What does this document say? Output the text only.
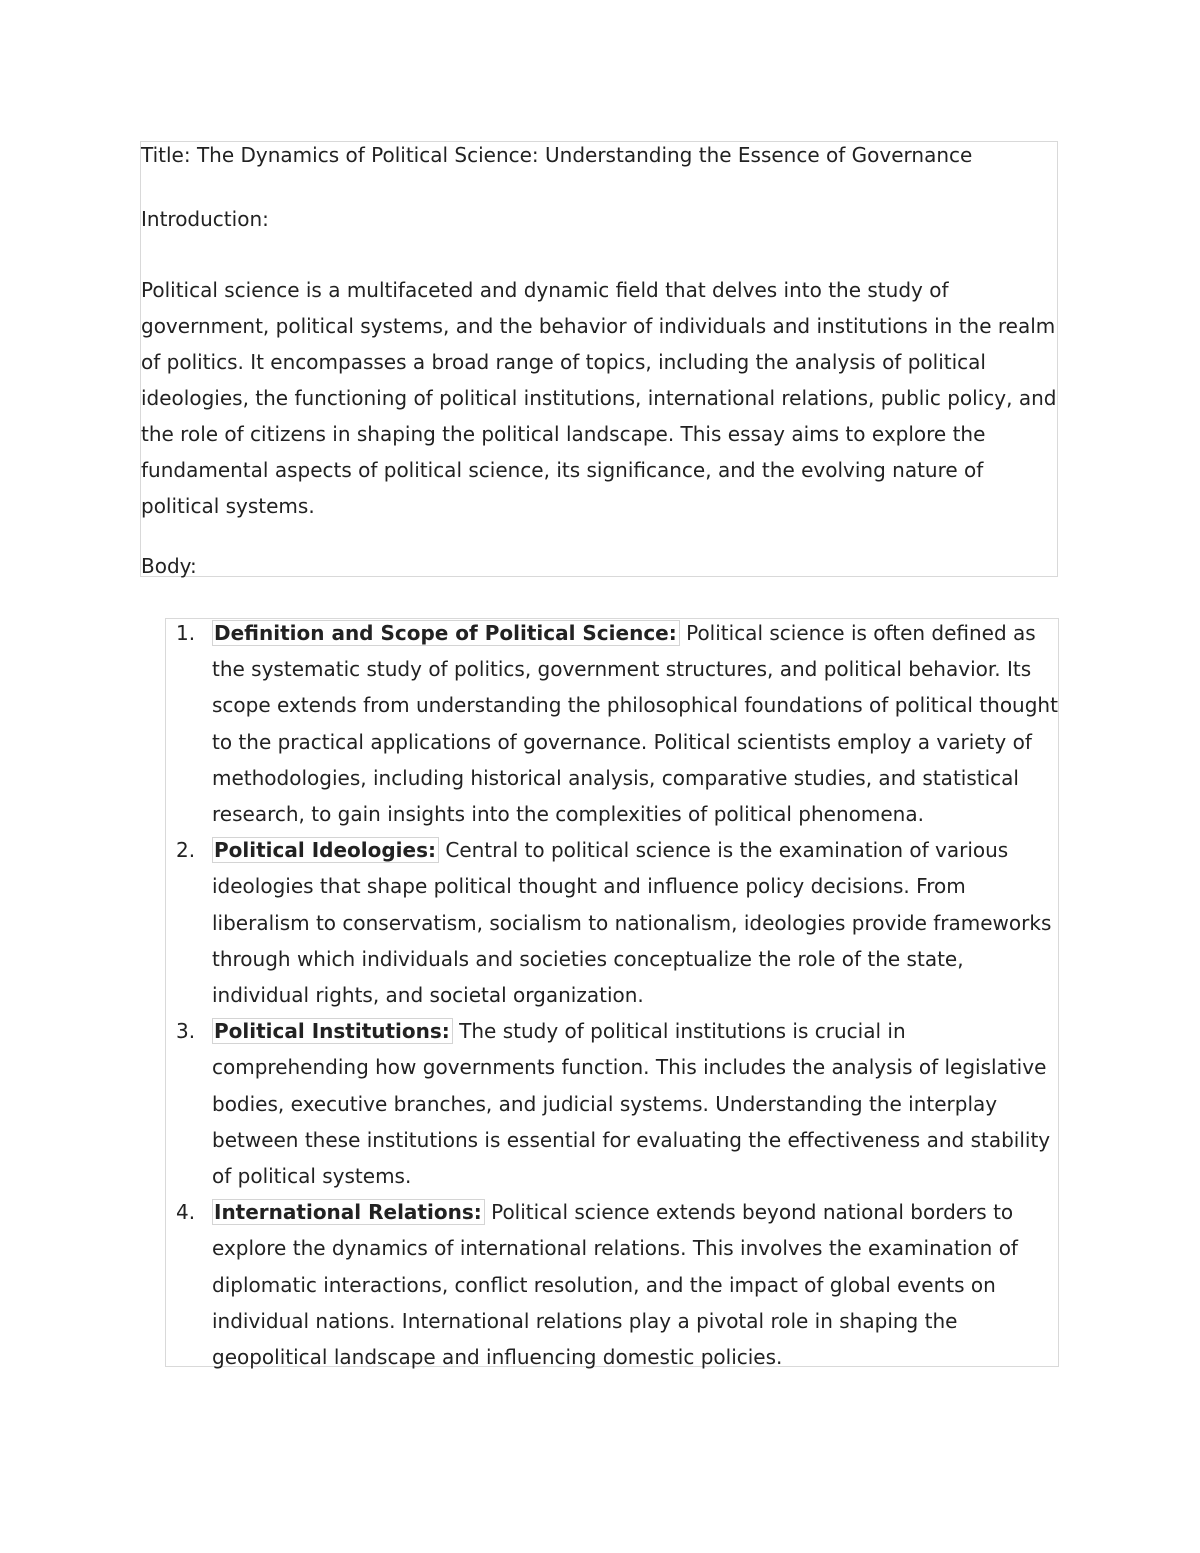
Title: The Dynamics of Political Science: Understanding the Essence of Governance
Introduction:

Political science is a multifaceted and dynamic field that delves into the study of government, political systems, and the behavior of individuals and institutions in the realm of politics. It encompasses a broad range of topics, including the analysis of political ideologies, the functioning of political institutions, international relations, public policy, and the role of citizens in shaping the political landscape. This essay aims to explore the fundamental aspects of political science, its significance, and the evolving nature of political systems.

Body:
1. Definition and Scope of Political Science: Political science is often defined as the systematic study of politics, government structures, and political behavior. Its scope extends from understanding the philosophical foundations of political thought to the practical applications of governance. Political scientists employ a variety of methodologies, including historical analysis, comparative studies, and statistical research, to gain insights into the complexities of political phenomena.
2. Political Ideologies: Central to political science is the examination of various ideologies that shape political thought and influence policy decisions. From liberalism to conservatism, socialism to nationalism, ideologies provide frameworks through which individuals and societies conceptualize the role of the state, individual rights, and societal organization.
3. Political Institutions: The study of political institutions is crucial in comprehending how governments function. This includes the analysis of legislative bodies, executive branches, and judicial systems. Understanding the interplay between these institutions is essential for evaluating the effectiveness and stability of political systems.
4. International Relations: Political science extends beyond national borders to explore the dynamics of international relations. This involves the examination of diplomatic interactions, conflict resolution, and the impact of global events on individual nations. International relations play a pivotal role in shaping the geopolitical landscape and influencing domestic policies.
